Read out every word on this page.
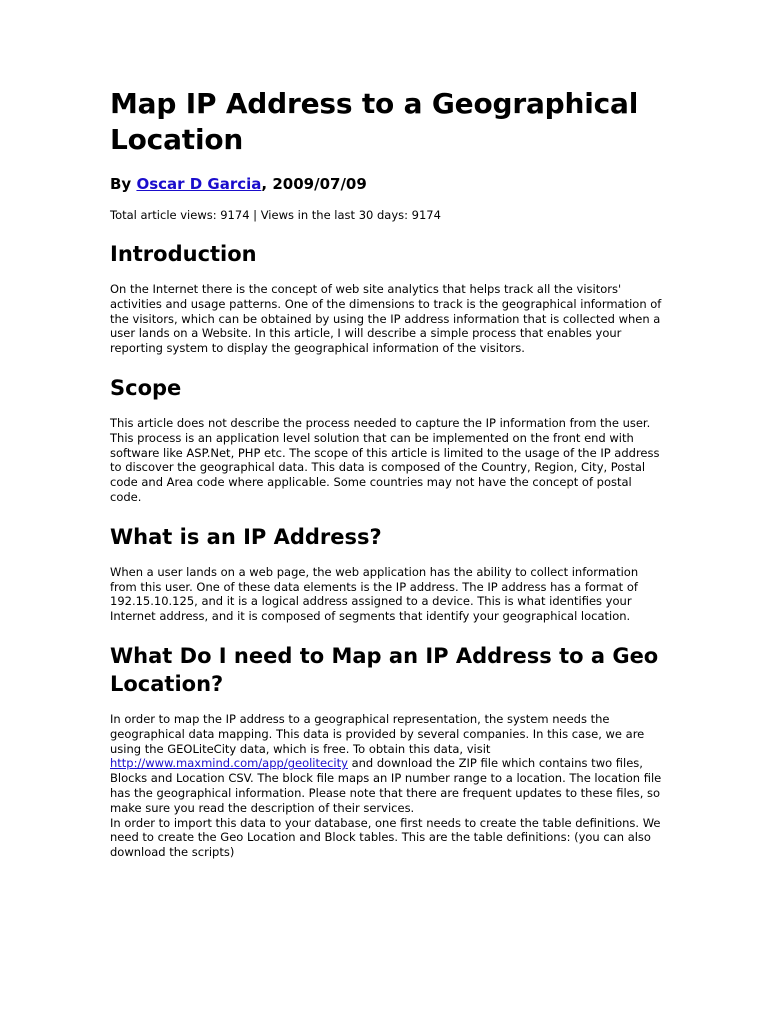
Map IP Address to a Geographical Location
By Oscar D Garcia, 2009/07/09
Total article views: 9174 | Views in the last 30 days: 9174
Introduction

On the Internet there is the concept of web site analytics that helps track all the visitors' activities and usage patterns. One of the dimensions to track is the geographical information of the visitors, which can be obtained by using the IP address information that is collected when a user lands on a Website. In this article, I will describe a simple process that enables your reporting system to display the geographical information of the visitors.

Scope

This article does not describe the process needed to capture the IP information from the user. This process is an application level solution that can be implemented on the front end with software like ASP.Net, PHP etc. The scope of this article is limited to the usage of the IP address to discover the geographical data. This data is composed of the Country, Region, City, Postal code and Area code where applicable. Some countries may not have the concept of postal code.

What is an IP Address?

When a user lands on a web page, the web application has the ability to collect information from this user. One of these data elements is the IP address. The IP address has a format of 192.15.10.125, and it is a logical address assigned to a device. This is what identifies your Internet address, and it is composed of segments that identify your geographical location.

What Do I need to Map an IP Address to a Geo Location?

In order to map the IP address to a geographical representation, the system needs the geographical data mapping. This data is provided by several companies. In this case, we are using the GEOLiteCity data, which is free. To obtain this data, visit http://www.maxmind.com/app/geolitecity and download the ZIP file which contains two files, Blocks and Location CSV. The block file maps an IP number range to a location. The location file has the geographical information. Please note that there are frequent updates to these files, so make sure you read the description of their services.

In order to import this data to your database, one first needs to create the table definitions. We need to create the Geo Location and Block tables. This are the table definitions: (you can also download the scripts)
